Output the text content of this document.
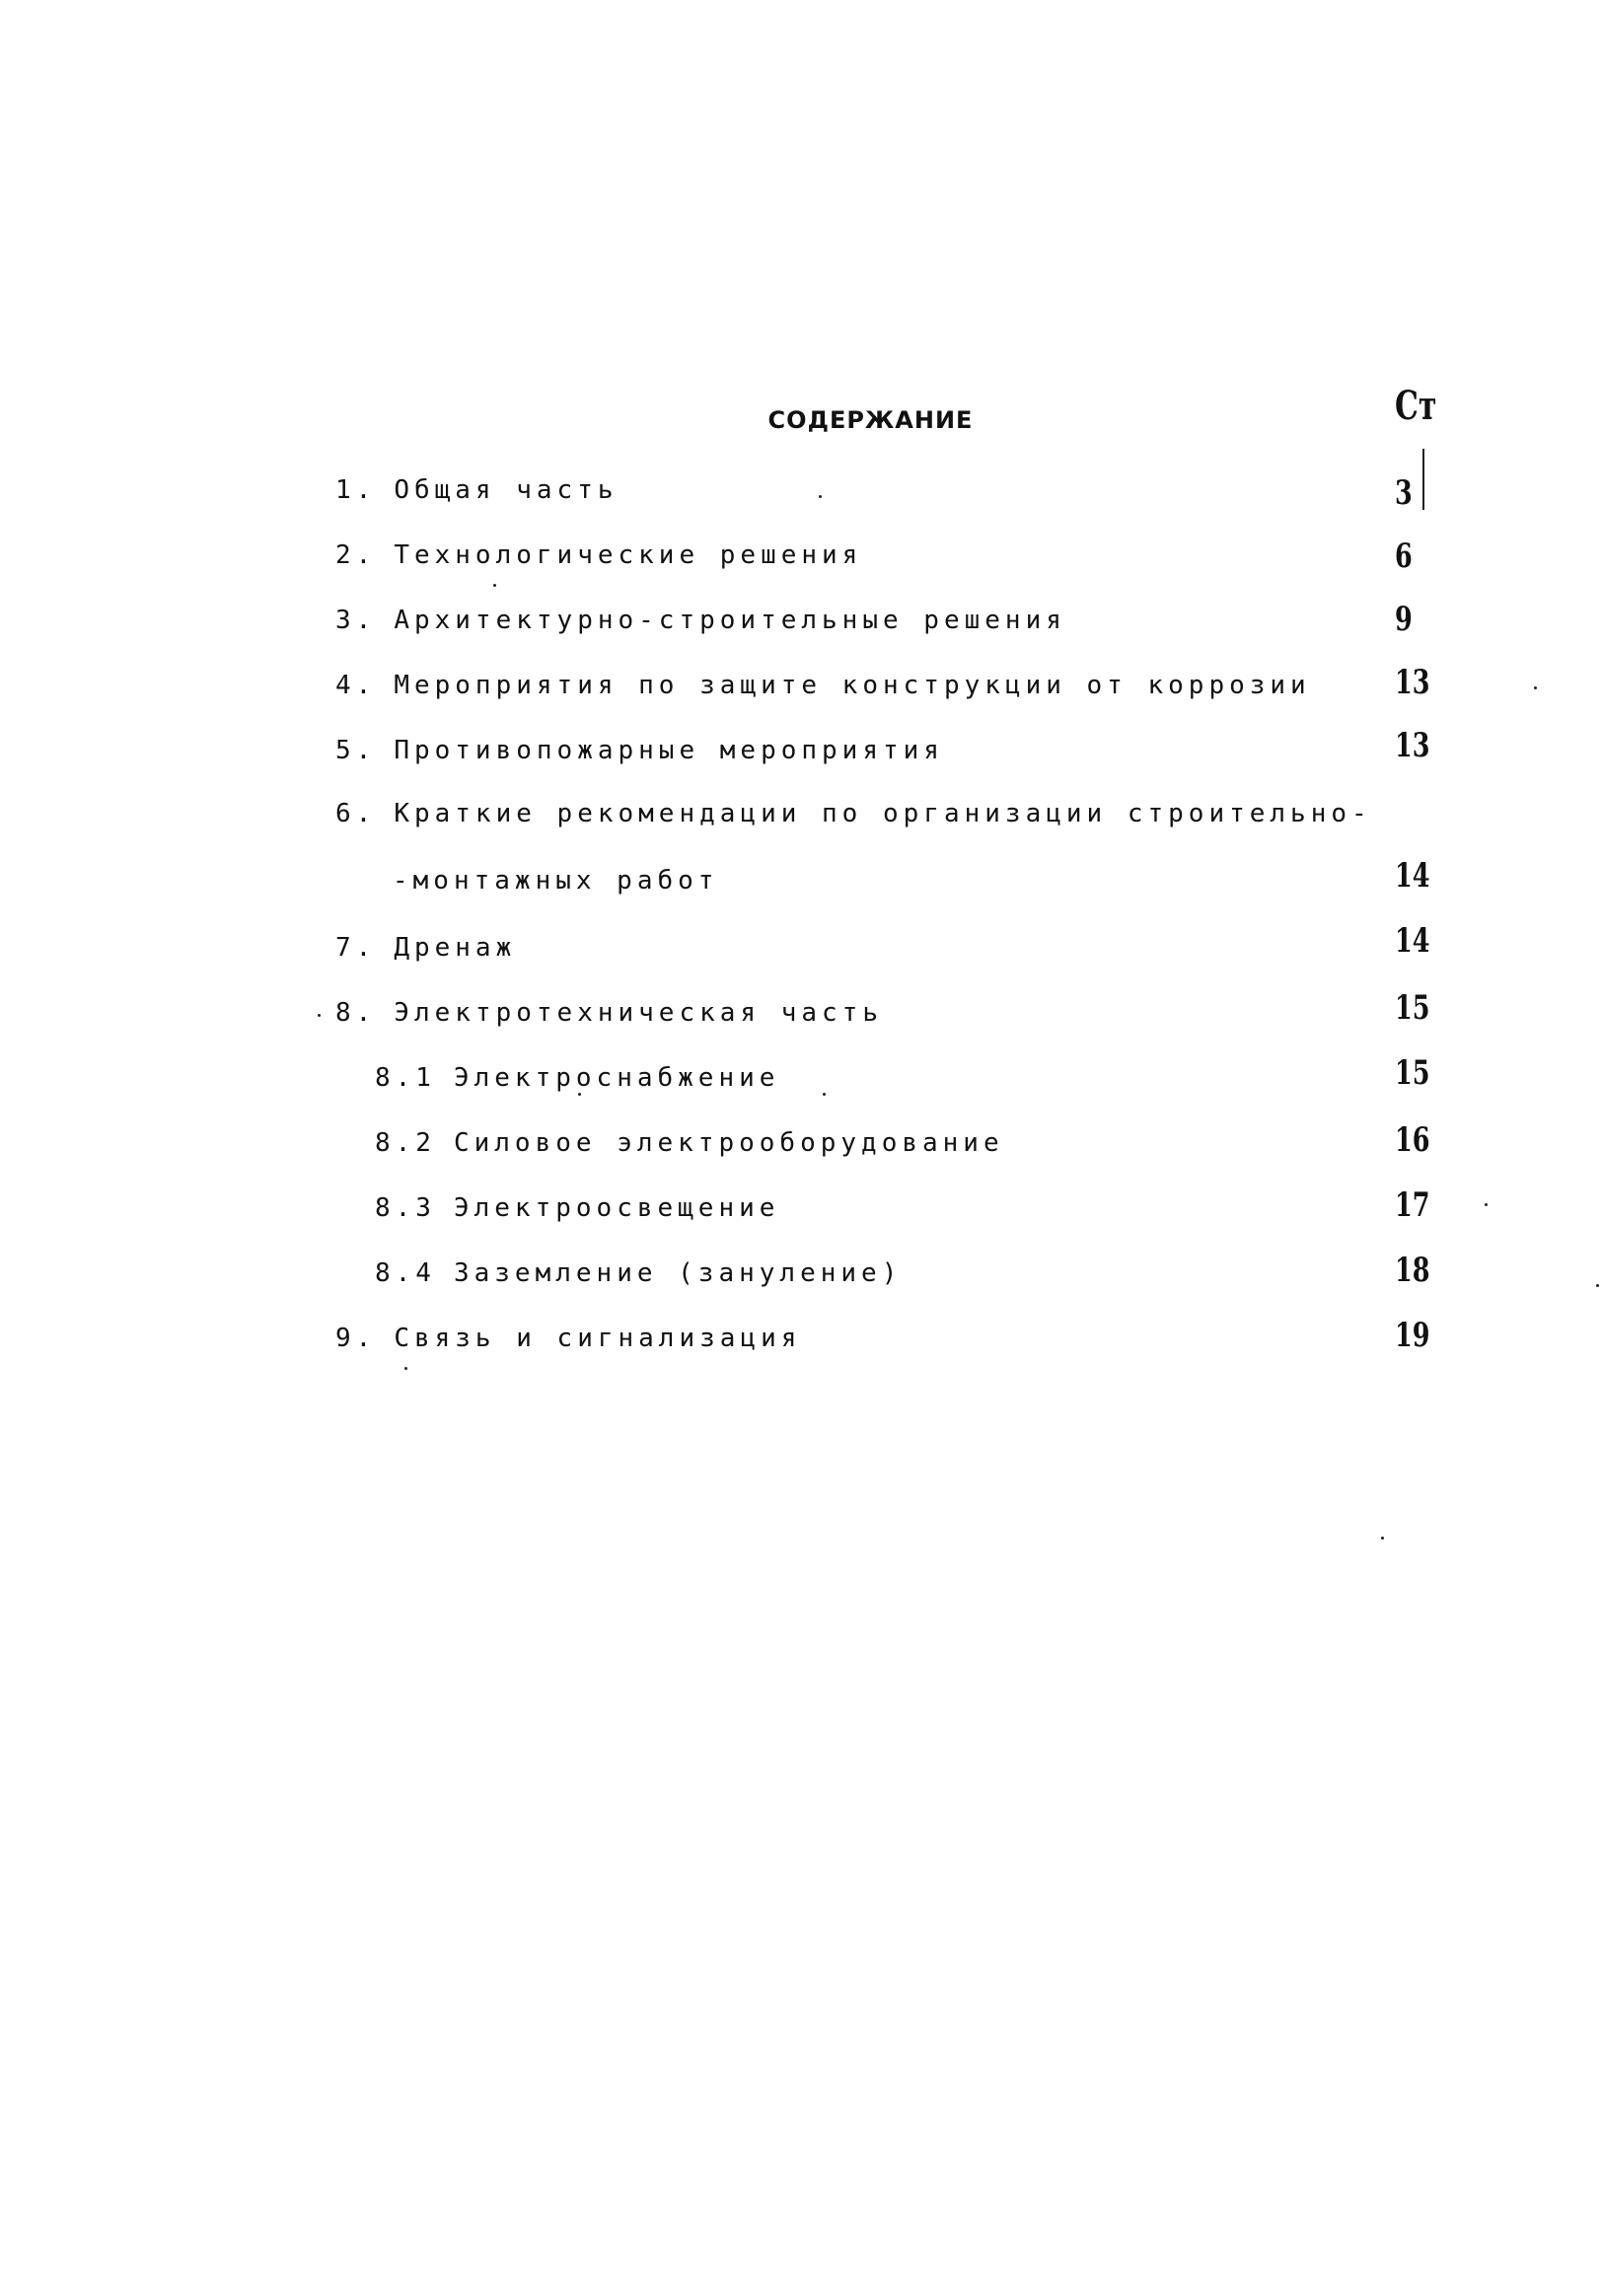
СОДЕРЖАНИЕ	Ст
1. Общая часть	3
2. Технологические решения	6
3. Архитектурно-строительные решения	9
4. Мероприятия по защите конструкции от коррозии	13
5. Противопожарные мероприятия	13
6. Краткие рекомендации по организации строительно-
-монтажных работ	14
7. Дренаж	14
8. Электротехническая часть	15
8.1 Электроснабжение	15
8.2 Силовое электрооборудование	16
8.3 Электроосвещение	17
8.4 Заземление (зануление)	18
9. Связь и сигнализация	19
